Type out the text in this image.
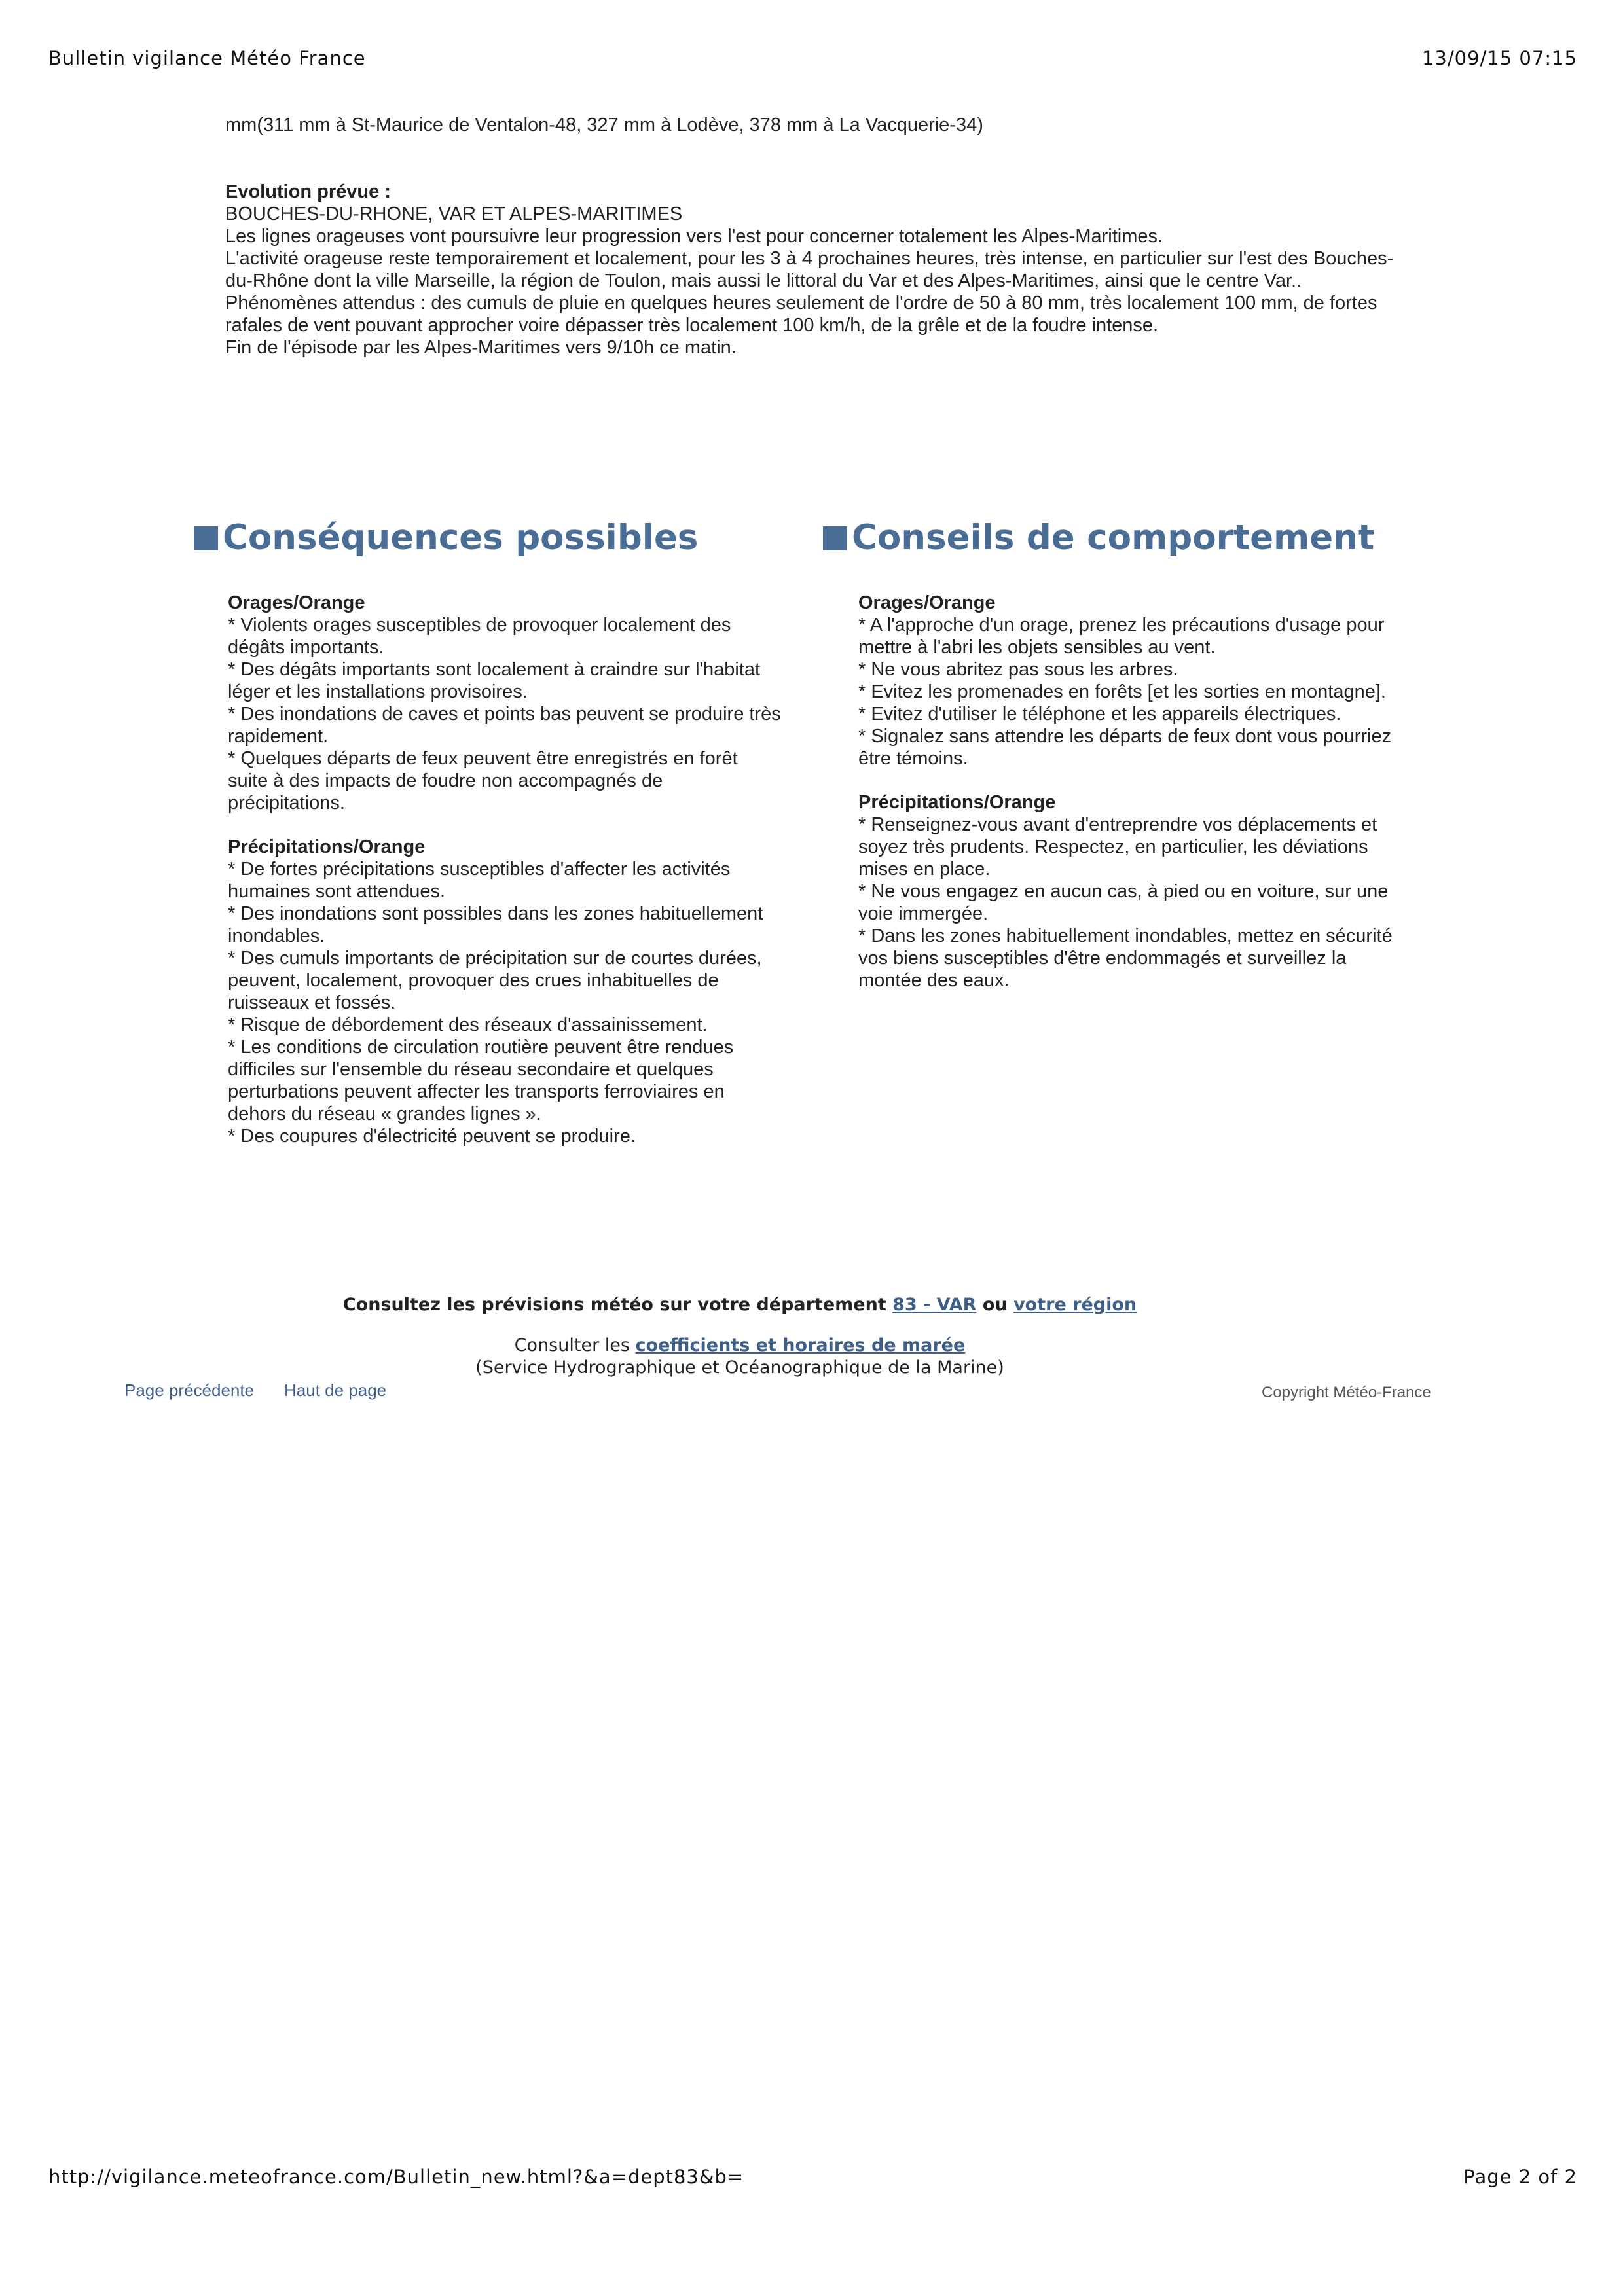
Bulletin vigilance Météo France	13/09/15 07:15
mm(311 mm à St-Maurice de Ventalon-48, 327 mm à Lodève, 378 mm à La Vacquerie-34)
Evolution prévue :
BOUCHES-DU-RHONE, VAR ET ALPES-MARITIMES
Les lignes orageuses vont poursuivre leur progression vers l'est pour concerner totalement les Alpes-Maritimes.
L'activité orageuse reste temporairement et localement, pour les 3 à 4 prochaines heures, très intense, en particulier sur l'est des Bouches-
du-Rhône dont la ville Marseille, la région de Toulon, mais aussi le littoral du Var et des Alpes-Maritimes, ainsi que le centre Var..
Phénomènes attendus : des cumuls de pluie en quelques heures seulement de l'ordre de 50 à 80 mm, très localement 100 mm, de fortes
rafales de vent pouvant approcher voire dépasser très localement 100 km/h, de la grêle et de la foudre intense.
Fin de l'épisode par les Alpes-Maritimes vers 9/10h ce matin.
Conséquences possibles	Conseils de comportement
Orages/Orange
* Violents orages susceptibles de provoquer localement des
dégâts importants.
* Des dégâts importants sont localement à craindre sur l'habitat
léger et les installations provisoires.
* Des inondations de caves et points bas peuvent se produire très
rapidement.
* Quelques départs de feux peuvent être enregistrés en forêt
suite à des impacts de foudre non accompagnés de
précipitations.
Précipitations/Orange
* De fortes précipitations susceptibles d'affecter les activités
humaines sont attendues.
* Des inondations sont possibles dans les zones habituellement
inondables.
* Des cumuls importants de précipitation sur de courtes durées,
peuvent, localement, provoquer des crues inhabituelles de
ruisseaux et fossés.
* Risque de débordement des réseaux d'assainissement.
* Les conditions de circulation routière peuvent être rendues
difficiles sur l'ensemble du réseau secondaire et quelques
perturbations peuvent affecter les transports ferroviaires en
dehors du réseau « grandes lignes ».
* Des coupures d'électricité peuvent se produire.
Orages/Orange
* A l'approche d'un orage, prenez les précautions d'usage pour
mettre à l'abri les objets sensibles au vent.
* Ne vous abritez pas sous les arbres.
* Evitez les promenades en forêts [et les sorties en montagne].
* Evitez d'utiliser le téléphone et les appareils électriques.
* Signalez sans attendre les départs de feux dont vous pourriez
être témoins.
Précipitations/Orange
* Renseignez-vous avant d'entreprendre vos déplacements et
soyez très prudents. Respectez, en particulier, les déviations
mises en place.
* Ne vous engagez en aucun cas, à pied ou en voiture, sur une
voie immergée.
* Dans les zones habituellement inondables, mettez en sécurité
vos biens susceptibles d'être endommagés et surveillez la
montée des eaux.
Consultez les prévisions météo sur votre département 83 - VAR ou votre région
Consulter les coefficients et horaires de marée
(Service Hydrographique et Océanographique de la Marine)
Page précédente Haut de page	Copyright Météo-France
http://vigilance.meteofrance.com/Bulletin_new.html?&a=dept83&b=	Page 2 of 2
